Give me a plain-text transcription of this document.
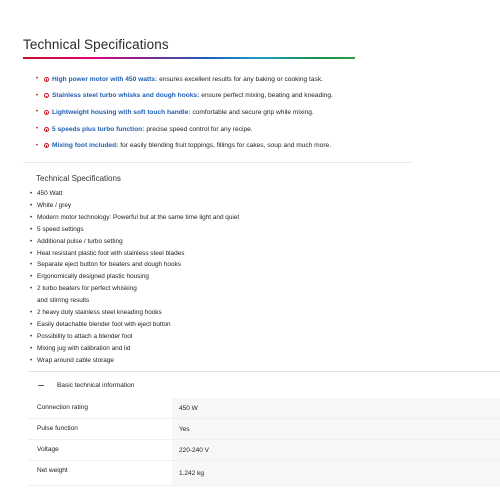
Technical Specifications
• High power motor with 450 watts: ensures excellent results for any baking or cooking task.
• Stainless steel turbo whisks and dough hooks: ensure perfect mixing, beating and kneading.
• Lightweight housing with soft touch handle: comfortable and secure grip while mixing.
• 5 speeds plus turbo function: precise speed control for any recipe.
• Mixing foot included: for easily blending fruit toppings, fillings for cakes, soup and much more.
Technical Specifications
• 450 Watt
• White / grey
• Modern motor technology: Powerful but at the same time light and quiet
• 5 speed settings
• Additional pulse / turbo setting
• Heat resistant plastic foot with stainless steel blades
• Separate eject button for beaters and dough hooks
• Ergonomically designed plastic housing
• 2 turbo beaters for perfect whisking
and stirring results
• 2 heavy duty stainless steel kneading hooks
• Easily detachable blender foot with eject button
• Possibility to attach a blender foot
• Mixing jug with calibration and lid
• Wrap around cable storage
Basic technical information
Connection rating	450 W
Pulse function	Yes
Voltage	220-240 V
Net weight	1.242 kg
